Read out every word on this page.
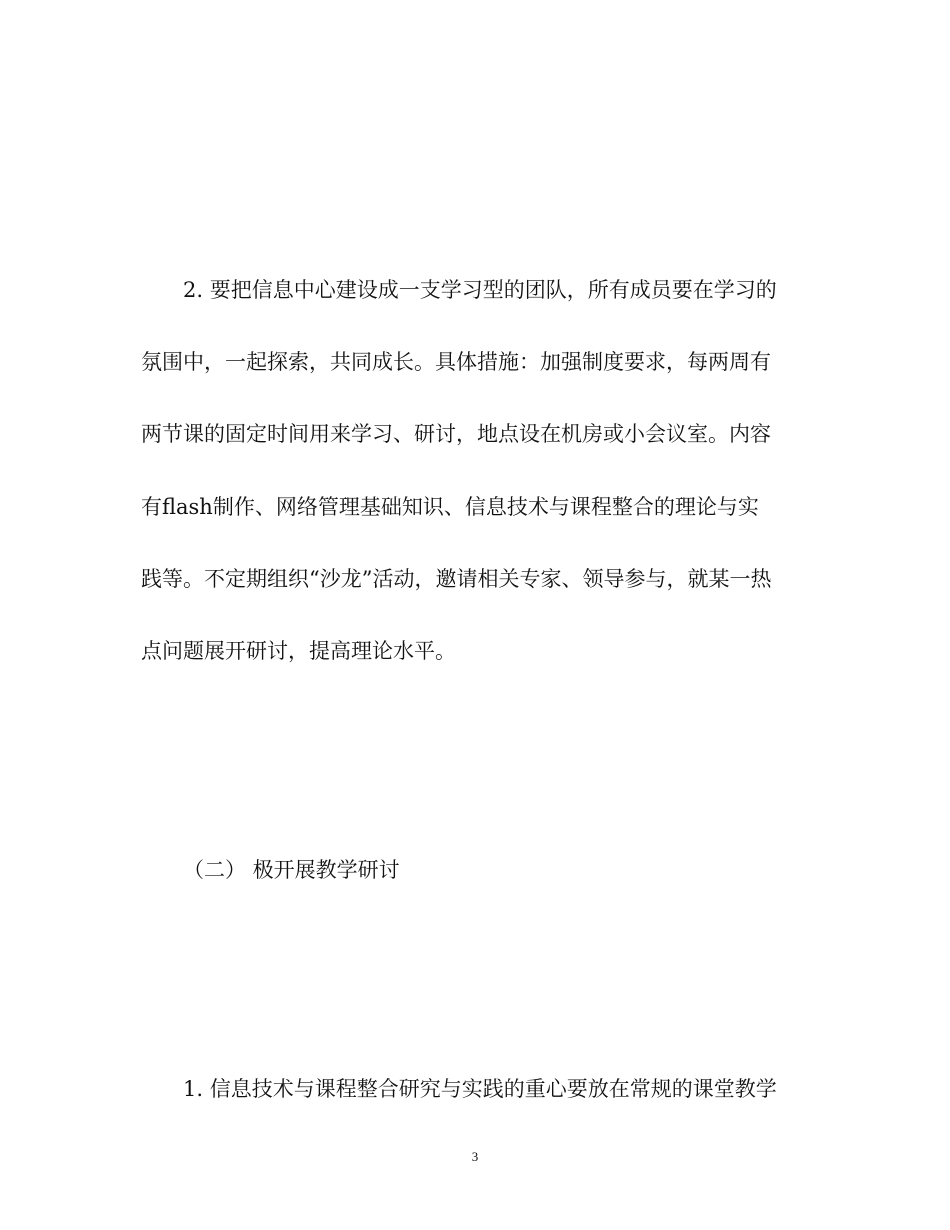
2. 要把信息中心建设成一支学习型的团队，所有成员要在学习的
氛围中，一起探索，共同成长。具体措施：加强制度要求，每两周有
两节课的固定时间用来学习、研讨，地点设在机房或小会议室。内容
有flash制作、网络管理基础知识、信息技术与课程整合的理论与实
践等。不定期组织“沙龙”活动，邀请相关专家、领导参与，就某一热
点问题展开研讨，提高理论水平。
（二） 极开展教学研讨
1. 信息技术与课程整合研究与实践的重心要放在常规的课堂教学
3
